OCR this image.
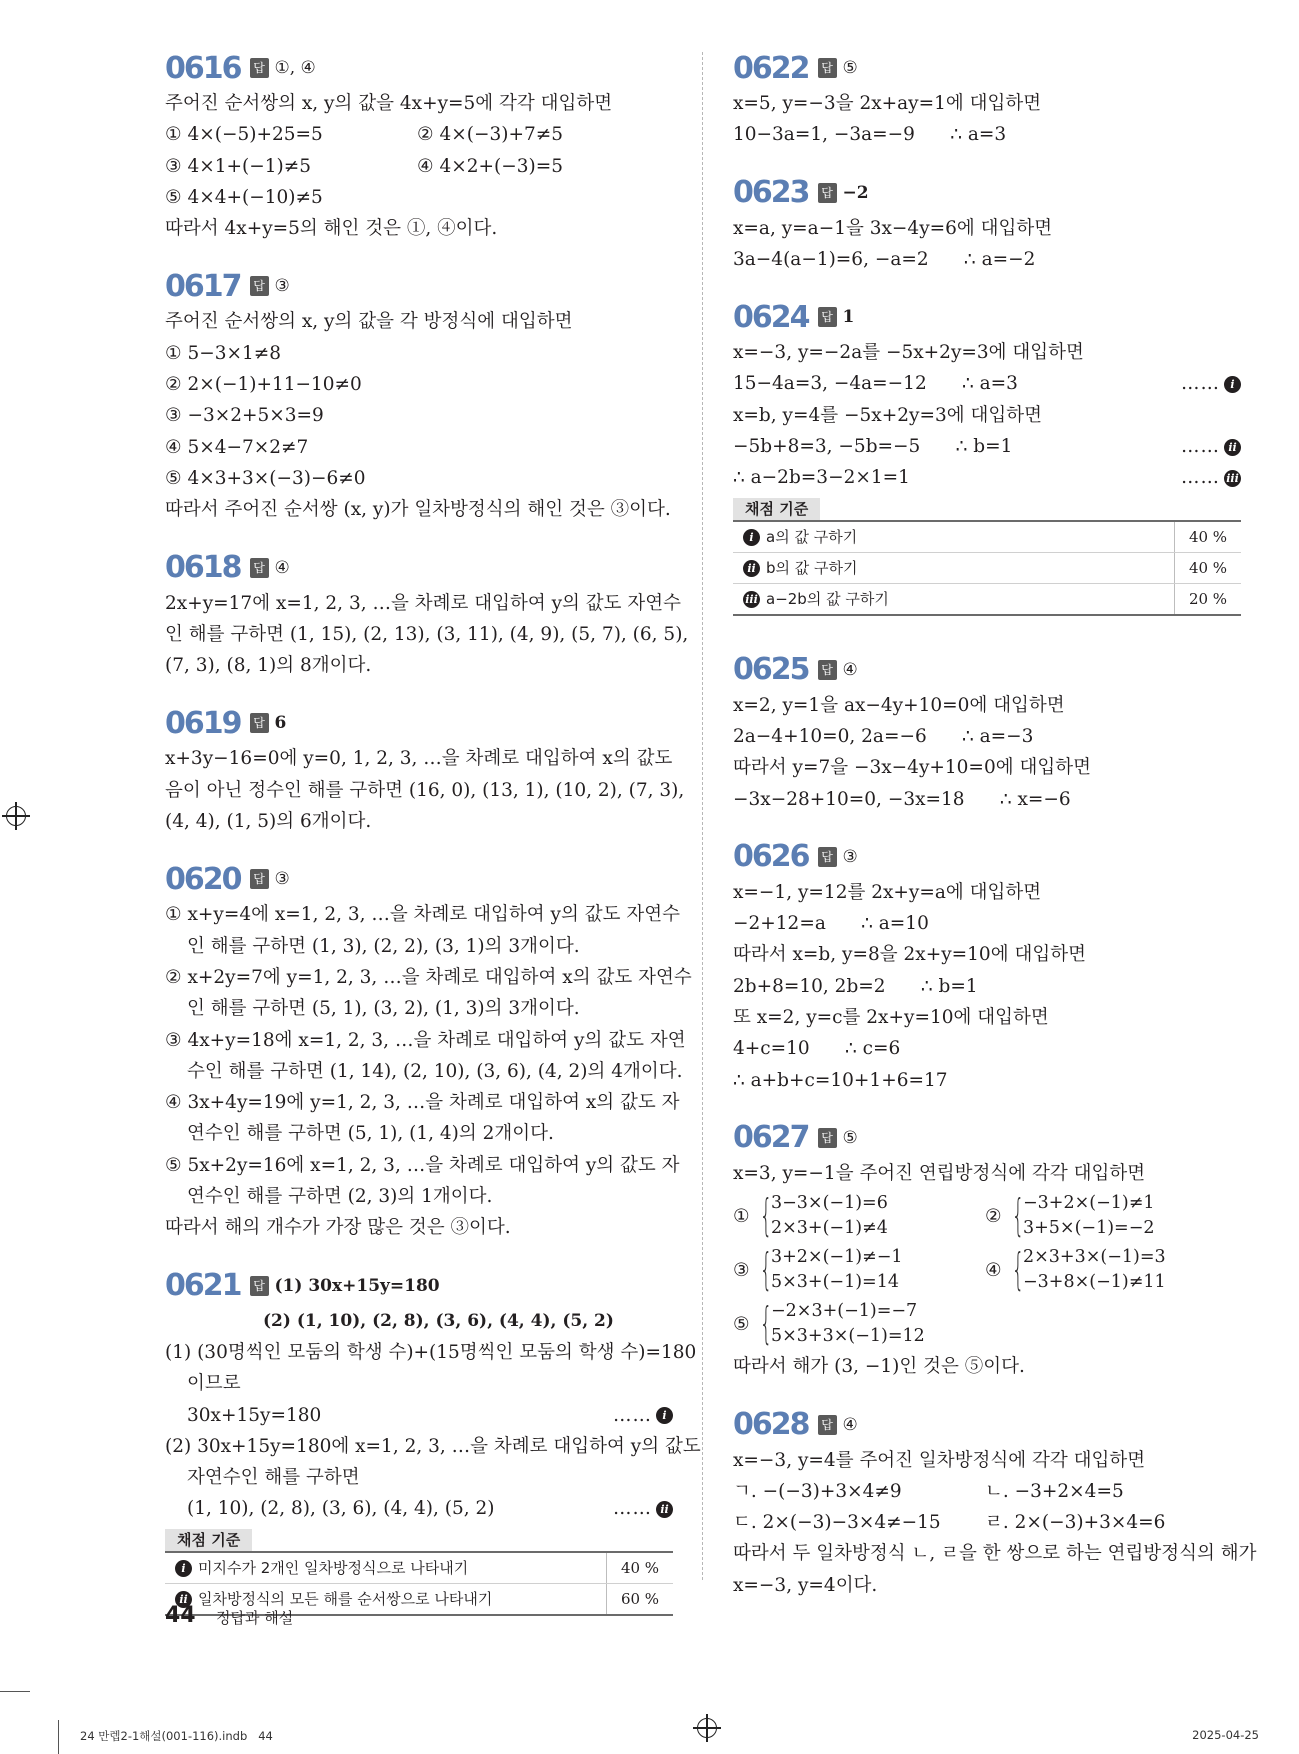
0616	답 ①, ④
주어진 순서쌍의 x, y의 값을 4x+y=5에 각각 대입하면
① 4×(−5)+25=5	② 4×(−3)+7≠5
③ 4×1+(−1)≠5	④ 4×2+(−3)=5
⑤ 4×4+(−10)≠5
따라서 4x+y=5의 해인 것은 ①, ④이다.
0617	답 ③
주어진 순서쌍의 x, y의 값을 각 방정식에 대입하면
① 5−3×1≠8
② 2×(−1)+11−10≠0
③ −3×2+5×3=9
④ 5×4−7×2≠7
⑤ 4×3+3×(−3)−6≠0
따라서 주어진 순서쌍 (x, y)가 일차방정식의 해인 것은 ③이다.
0618	답 ④
2x+y=17에 x=1, 2, 3, …을 차례로 대입하여 y의 값도 자연수
인 해를 구하면 (1, 15), (2, 13), (3, 11), (4, 9), (5, 7), (6, 5),
(7, 3), (8, 1)의 8개이다.
0619	답 6
x+3y−16=0에 y=0, 1, 2, 3, …을 차례로 대입하여 x의 값도
음이 아닌 정수인 해를 구하면 (16, 0), (13, 1), (10, 2), (7, 3),
(4, 4), (1, 5)의 6개이다.
0620	답 ③
① x+y=4에 x=1, 2, 3, …을 차례로 대입하여 y의 값도 자연수
인 해를 구하면 (1, 3), (2, 2), (3, 1)의 3개이다.
② x+2y=7에 y=1, 2, 3, …을 차례로 대입하여 x의 값도 자연수
인 해를 구하면 (5, 1), (3, 2), (1, 3)의 3개이다.
③ 4x+y=18에 x=1, 2, 3, …을 차례로 대입하여 y의 값도 자연
수인 해를 구하면 (1, 14), (2, 10), (3, 6), (4, 2)의 4개이다.
④ 3x+4y=19에 y=1, 2, 3, …을 차례로 대입하여 x의 값도 자
연수인 해를 구하면 (5, 1), (1, 4)의 2개이다.
⑤ 5x+2y=16에 x=1, 2, 3, …을 차례로 대입하여 y의 값도 자
연수인 해를 구하면 (2, 3)의 1개이다.
따라서 해의 개수가 가장 많은 것은 ③이다.
0621	답 (1) 30x+15y=180
(2) (1, 10), (2, 8), (3, 6), (4, 4), (5, 2)
(1) (30명씩인 모둠의 학생 수)+(15명씩인 모둠의 학생 수)=180
이므로
30x+15y=180	…… i
(2) 30x+15y=180에 x=1, 2, 3, …을 차례로 대입하여 y의 값도
자연수인 해를 구하면
(1, 10), (2, 8), (3, 6), (4, 4), (5, 2)	…… ii
채점 기준
i 미지수가 2개인 일차방정식으로 나타내기	40 %
ii 일차방정식의 모든 해를 순서쌍으로 나타내기	60 %
0622	답 ⑤
x=5, y=−3을 2x+ay=1에 대입하면
10−3a=1, −3a=−9      ∴ a=3
0623	답 −2
x=a, y=a−1을 3x−4y=6에 대입하면
3a−4(a−1)=6, −a=2      ∴ a=−2
0624	답 1
x=−3, y=−2a를 −5x+2y=3에 대입하면
15−4a=3, −4a=−12      ∴ a=3	…… i
x=b, y=4를 −5x+2y=3에 대입하면
−5b+8=3, −5b=−5      ∴ b=1	…… ii
∴ a−2b=3−2×1=1	…… iii
채점 기준
i a의 값 구하기	40 %
ii b의 값 구하기	40 %
iii a−2b의 값 구하기	20 %
0625	답 ④
x=2, y=1을 ax−4y+10=0에 대입하면
2a−4+10=0, 2a=−6      ∴ a=−3
따라서 y=7을 −3x−4y+10=0에 대입하면
−3x−28+10=0, −3x=18      ∴ x=−6
0626	답 ③
x=−1, y=12를 2x+y=a에 대입하면
−2+12=a      ∴ a=10
따라서 x=b, y=8을 2x+y=10에 대입하면
2b+8=10, 2b=2      ∴ b=1
또 x=2, y=c를 2x+y=10에 대입하면
4+c=10      ∴ c=6
∴ a+b+c=10+1+6=17
0627	답 ⑤
x=3, y=−1을 주어진 연립방정식에 각각 대입하면
① {
3−3×(−1)=6
2×3+(−1)≠4
② {
−3+2×(−1)≠1
3+5×(−1)=−2
③ {
3+2×(−1)≠−1
5×3+(−1)=14
④ {
2×3+3×(−1)=3
−3+8×(−1)≠11
⑤ {
−2×3+(−1)=−7
5×3+3×(−1)=12
따라서 해가 (3, −1)인 것은 ⑤이다.
0628	답 ④
x=−3, y=4를 주어진 일차방정식에 각각 대입하면
ㄱ. −(−3)+3×4≠9	ㄴ. −3+2×4=5
ㄷ. 2×(−3)−3×4≠−15 ㄹ. 2×(−3)+3×4=6
따라서 두 일차방정식 ㄴ, ㄹ을 한 쌍으로 하는 연립방정식의 해가
x=−3, y=4이다.
44 정답과 해설
24 만렙2-1해설(001-116).indb   44	2025-04-25
